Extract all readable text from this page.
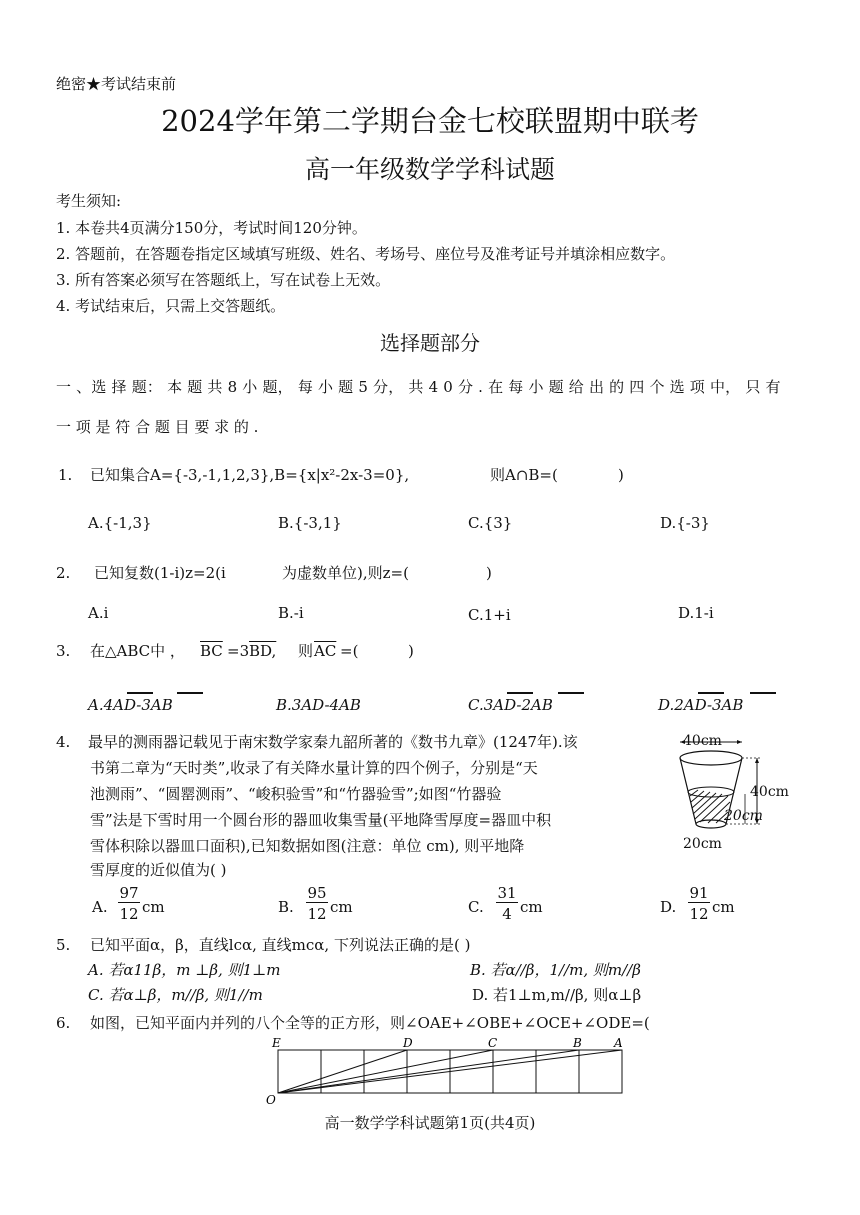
绝密★考试结束前
2024学年第二学期台金七校联盟期中联考
高一年级数学学科试题
考生须知:
1. 本卷共4页满分150分，考试时间120分钟。
2. 答题前，在答题卷指定区域填写班级、姓名、考场号、座位号及准考证号并填涂相应数字。
3. 所有答案必须写在答题纸上，写在试卷上无效。
4. 考试结束后，只需上交答题纸。
选择题部分
一 、选 择 题： 本 题 共 8 小 题， 每 小 题 5 分， 共 4 0 分 . 在 每 小 题 给 出 的 四 个 选 项 中， 只 有
一 项 是 符 合 题 目 要 求 的 .
1. 已知集合A={-3,-1,1,2,3},B={x|x²-2x-3=0},	则A∩B=(	)
A.{-1,3}	B.{-3,1}	C.{3}	D.{-3}
2. 已知复数(1-i)z=2(i	为虚数单位),则z=(	)
A.i	B.-i	C.1+i	D.1-i
3. 在△ABC中 ， $\overline{BC} =3$ BD, 则 $\overline{AC}$ =(	)
A.4AD-3AB	B.3AD-4AB	C.3AD-2AB	D.2AD-3AB
4. 最早的测雨器记载见于南宋数学家秦九韶所著的《数书九章》(1247年).该
书第二章为“天时类”,收录了有关降水量计算的四个例子，分别是“天
池测雨”、“圆罂测雨”、“峻积验雪”和“竹器验雪”;如图“竹器验
雪”法是下雪时用一个圆台形的器皿收集雪量(平地降雪厚度=器皿中积
雪体积除以器皿口面积),已知数据如图(注意：单位 cm), 则平地降
雪厚度的近似值为( )
40cm
40cm
20cm
20cm
A.
97
12 cm	B.
95
12 cm	C.
31
4 cm	D.
91
12 cm
5. 已知平面α，β，直线lcα, 直线mcα, 下列说法正确的是( )
A. 若α11β，m ⊥β, 则1⊥m	B. 若α//β，1//m, 则m//β
C. 若α⊥β，m//β, 则1//m	D. 若1⊥m,m//β, 则α⊥β
6. 如图，已知平面内并列的八个全等的正方形，则∠OAE+∠OBE+∠OCE+∠ODE=(
E	D	C	B	A
O
高一数学学科试题第1页(共4页)
